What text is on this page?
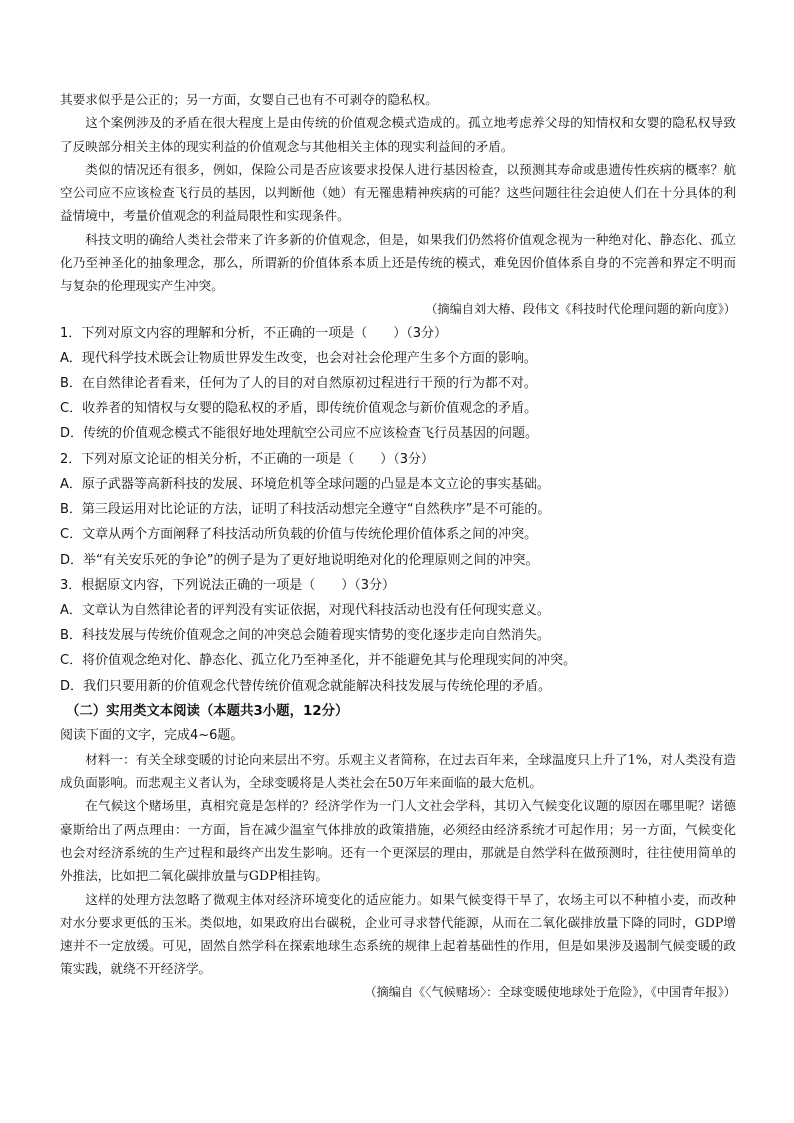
其要求似乎是公正的；另一方面，女婴自己也有不可剥夺的隐私权。

这个案例涉及的矛盾在很大程度上是由传统的价值观念模式造成的。孤立地考虑养父母的知情权和女婴的隐私权导致了反映部分相关主体的现实利益的价值观念与其他相关主体的现实利益间的矛盾。

类似的情况还有很多，例如，保险公司是否应该要求投保人进行基因检查，以预测其寿命或患遗传性疾病的概率？航空公司应不应该检查飞行员的基因，以判断他（她）有无罹患精神疾病的可能？这些问题往往会迫使人们在十分具体的利益情境中，考量价值观念的利益局限性和实现条件。

科技文明的确给人类社会带来了许多新的价值观念，但是，如果我们仍然将价值观念视为一种绝对化、静态化、孤立化乃至神圣化的抽象理念，那么，所谓新的价值体系本质上还是传统的模式，难免因价值体系自身的不完善和界定不明而与复杂的伦理现实产生冲突。

（摘编自刘大椿、段伟文《科技时代伦理问题的新向度》）

1．下列对原文内容的理解和分析，不正确的一项是（　　）（3分）

A．现代科学技术既会让物质世界发生改变，也会对社会伦理产生多个方面的影响。

B．在自然律论者看来，任何为了人的目的对自然原初过程进行干预的行为都不对。

C．收养者的知情权与女婴的隐私权的矛盾，即传统价值观念与新价值观念的矛盾。

D．传统的价值观念模式不能很好地处理航空公司应不应该检查飞行员基因的问题。

2．下列对原文论证的相关分析，不正确的一项是（　　）（3分）

A．原子武器等高新科技的发展、环境危机等全球问题的凸显是本文立论的事实基础。

B．第三段运用对比论证的方法，证明了科技活动想完全遵守“自然秩序”是不可能的。

C．文章从两个方面阐释了科技活动所负载的价值与传统伦理价值体系之间的冲突。

D．举“有关安乐死的争论”的例子是为了更好地说明绝对化的伦理原则之间的冲突。

3．根据原文内容，下列说法正确的一项是（　　）（3分）

A．文章认为自然律论者的评判没有实证依据，对现代科技活动也没有任何现实意义。

B．科技发展与传统价值观念之间的冲突总会随着现实情势的变化逐步走向自然消失。

C．将价值观念绝对化、静态化、孤立化乃至神圣化，并不能避免其与伦理现实间的冲突。

D．我们只要用新的价值观念代替传统价值观念就能解决科技发展与传统伦理的矛盾。

（二）实用类文本阅读（本题共3小题，12分）

阅读下面的文字，完成4~6题。

材料一：有关全球变暖的讨论向来层出不穷。乐观主义者简称，在过去百年来，全球温度只上升了1%，对人类没有造成负面影响。而悲观主义者认为，全球变暖将是人类社会在50万年来面临的最大危机。

在气候这个赌场里，真相究竟是怎样的？经济学作为一门人文社会学科，其切入气候变化议题的原因在哪里呢？诺德豪斯给出了两点理由：一方面，旨在减少温室气体排放的政策措施，必须经由经济系统才可起作用；另一方面，气候变化也会对经济系统的生产过程和最终产出发生影响。还有一个更深层的理由，那就是自然学科在做预测时，往往使用简单的外推法，比如把二氧化碳排放量与GDP相挂钩。

这样的处理方法忽略了微观主体对经济环境变化的适应能力。如果气候变得干旱了，农场主可以不种植小麦，而改种对水分要求更低的玉米。类似地，如果政府出台碳税，企业可寻求替代能源，从而在二氧化碳排放量下降的同时，GDP增速并不一定放缓。可见，固然自然学科在探索地球生态系统的规律上起着基础性的作用，但是如果涉及遏制气候变暖的政策实践，就绕不开经济学。

（摘编自《〈气候赌场〉：全球变暖使地球处于危险》，《中国青年报》）
